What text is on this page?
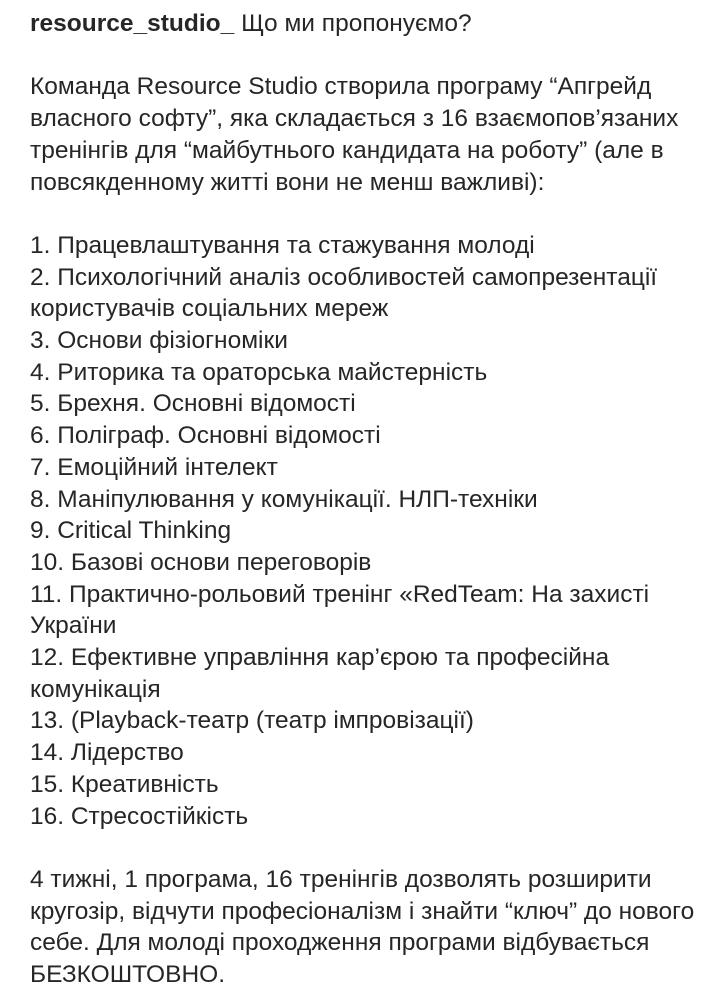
resource_studio_ Що ми пропонуємо?

Команда Resource Studio створила програму “Апгрейд власного софту”, яка складається з 16 взаємопов’язаних тренінгів для “майбутнього кандидата на роботу” (але в повсякденному житті вони не менш важливі):

1. Працевлаштування та стажування молоді

2. Психологічний аналіз особливостей самопрезентації користувачів соціальних мереж

3. Основи фізіогноміки

4. Риторика та ораторська майстерність

5. Брехня. Основні відомості

6. Поліграф. Основні відомості

7. Емоційний інтелект

8. Маніпулювання у комунікації. НЛП-техніки

9. Critical Thinking

10. Базові основи переговорів

11. Практично-рольовий тренінг «RedTeam: На захисті України

12. Ефективне управління кар’єрою та професійна комунікація

13. (Playback-театр (театр імпровізації)

14. Лідерство

15. Креативність

16. Стресостійкість

4 тижні, 1 програма, 16 тренінгів дозволять розширити кругозір, відчути професіоналізм і знайти “ключ” до нового себе. Для молоді проходження програми відбувається БЕЗКОШТОВНО.
